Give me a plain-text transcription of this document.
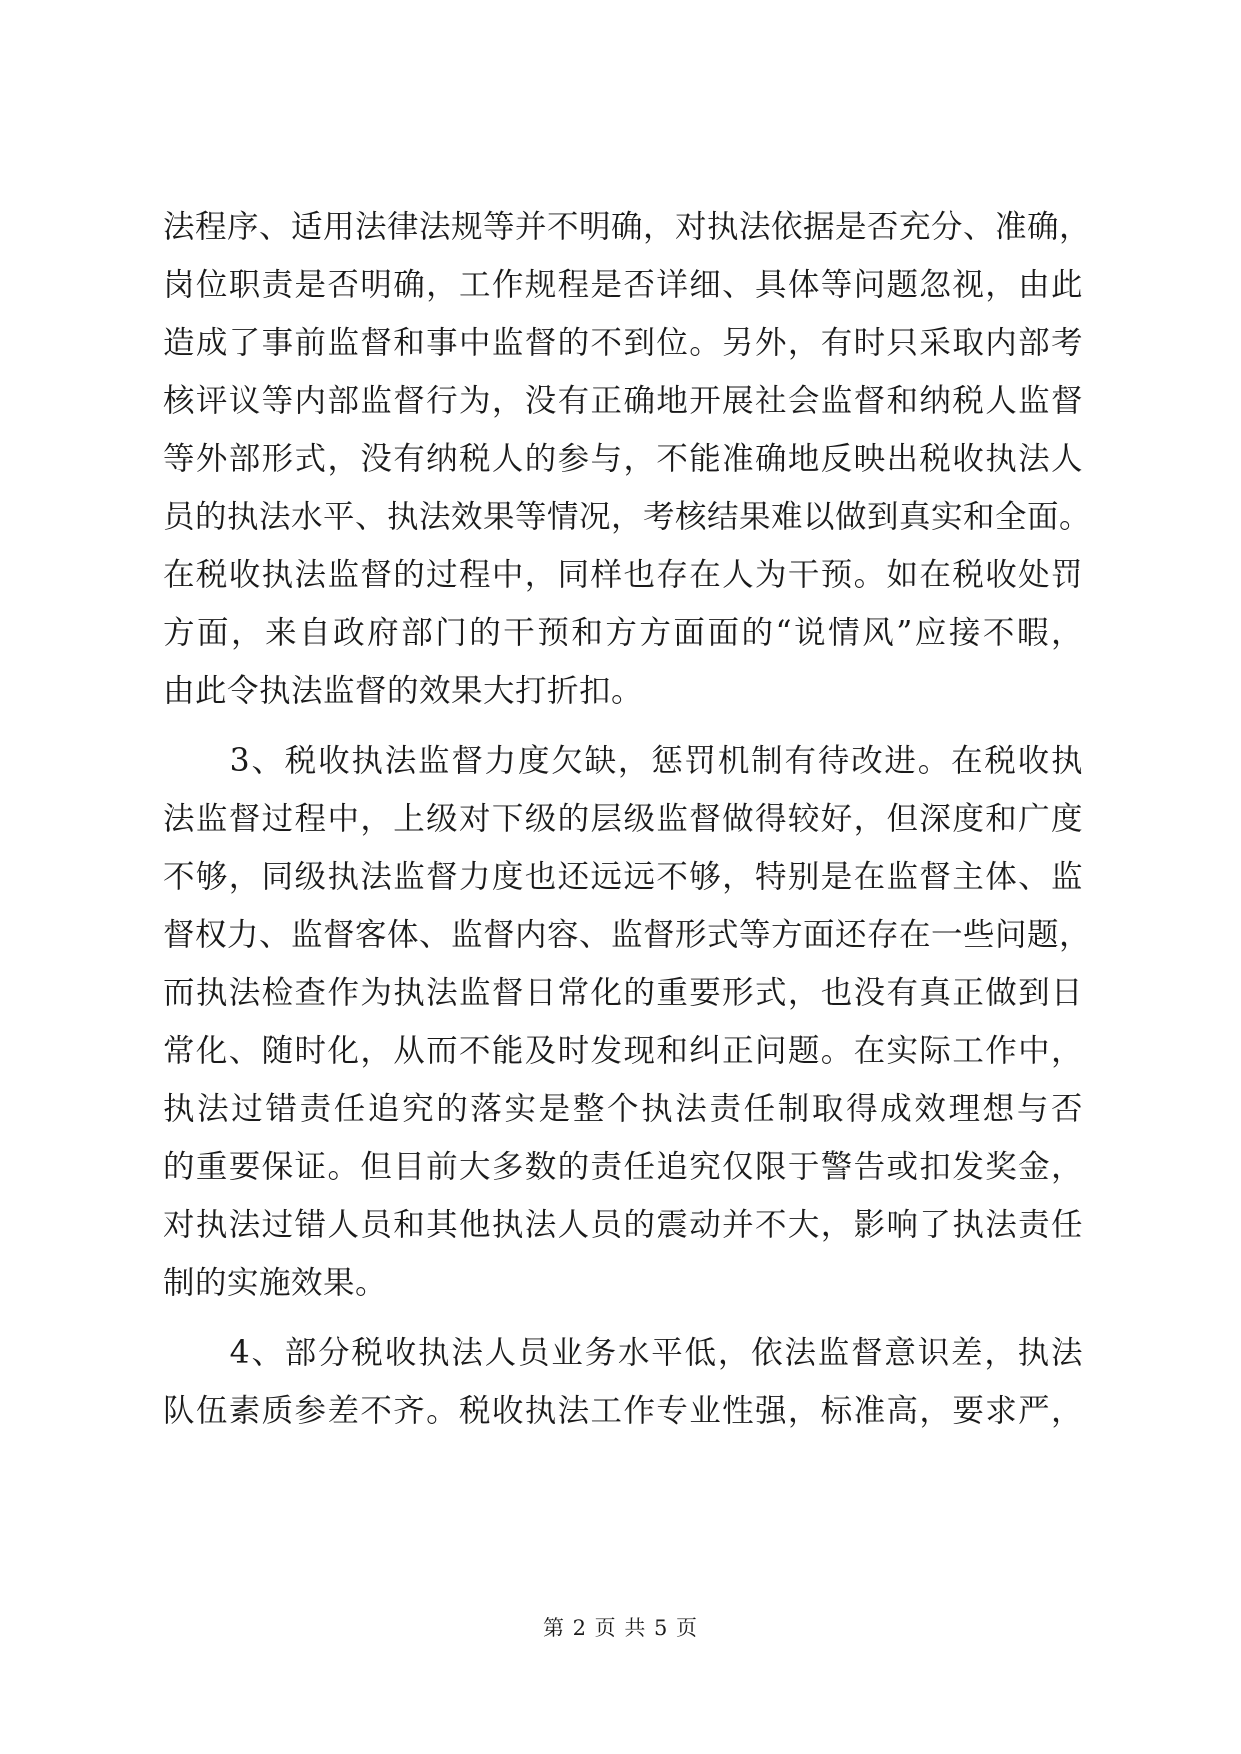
法程序、适用法律法规等并不明确，对执法依据是否充分、准确，
岗位职责是否明确，工作规程是否详细、具体等问题忽视，由此
造成了事前监督和事中监督的不到位。另外，有时只采取内部考
核评议等内部监督行为，没有正确地开展社会监督和纳税人监督
等外部形式，没有纳税人的参与，不能准确地反映出税收执法人
员的执法水平、执法效果等情况，考核结果难以做到真实和全面。
在税收执法监督的过程中，同样也存在人为干预。如在税收处罚
方面，来自政府部门的干预和方方面面的“说情风”应接不暇，
由此令执法监督的效果大打折扣。
　　3、税收执法监督力度欠缺，惩罚机制有待改进。在税收执
法监督过程中，上级对下级的层级监督做得较好，但深度和广度
不够，同级执法监督力度也还远远不够，特别是在监督主体、监
督权力、监督客体、监督内容、监督形式等方面还存在一些问题，
而执法检查作为执法监督日常化的重要形式，也没有真正做到日
常化、随时化，从而不能及时发现和纠正问题。在实际工作中，
执法过错责任追究的落实是整个执法责任制取得成效理想与否
的重要保证。但目前大多数的责任追究仅限于警告或扣发奖金，
对执法过错人员和其他执法人员的震动并不大，影响了执法责任
制的实施效果。
　　4、部分税收执法人员业务水平低，依法监督意识差，执法
队伍素质参差不齐。税收执法工作专业性强，标准高，要求严，
第 2 页 共 5 页
